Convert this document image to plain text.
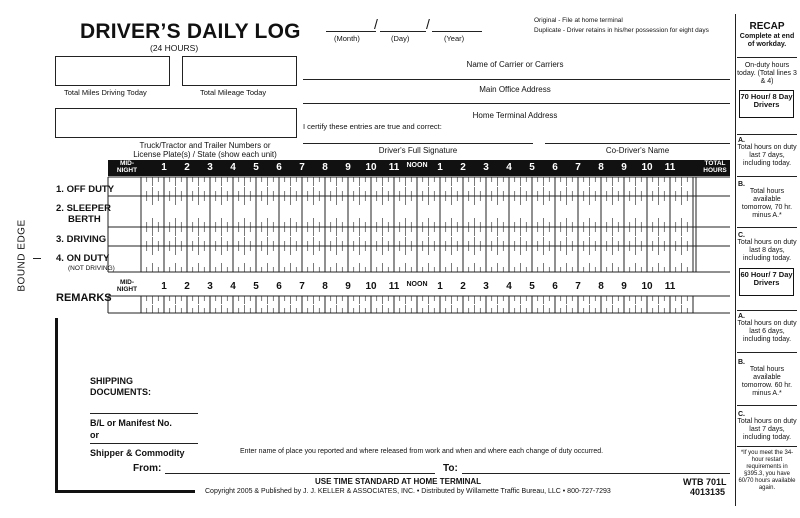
BOUND EDGE
DRIVER’S DAILY LOG
(24 HOURS)
/	/
(Month)	(Day)	(Year)
Original - File at home terminal
Duplicate - Driver retains in his/her possession for eight days
Total Miles Driving Today	Total Mileage Today
Name of Carrier or Carriers
Main Office Address
Home Terminal Address
I certify these entries are true and correct:
Truck/Tractor and Trailer Numbers or
License Plate(s) / State (show each unit)	Driver's Full Signature	Co-Driver's Name
MID-
NIGHT
TOTAL
HOURS
1	2	3	4	5	6	7	8	9	10	11	NOON 1	2	3	4	5	6	7	8	9	10	11
1. OFF DUTY
2. SLEEPER
BERTH
3. DRIVING
4. ON DUTY
(NOT DRIVING)
MID-
NIGHT	1	2	3	4	5	6	7	8	9	10	11	NOON 1	2	3	4	5	6	7	8	9	10	11
REMARKS
SHIPPING
DOCUMENTS:
B/L or Manifest No.
or
Shipper & Commodity	Enter name of place you reported and where released from work and when and where each change of duty occurred.
From:	To:
USE TIME STANDARD AT HOME TERMINAL
Copyright 2005 & Published by J. J. KELLER & ASSOCIATES, INC. • Distributed by Willamette Traffic Bureau, LLC • 800-727-7293
WTB 701L
4013135
RECAP
Complete at end of workday.
On-duty hours today. (Total lines 3 & 4)
70 Hour/ 8 Day Drivers
A.
Total hours on duty last 7 days, including today.
B.
Total hours available tomorrow, 70 hr. minus A.*
C.
Total hours on duty last 8 days, including today.
60 Hour/ 7 Day Drivers
A.
Total hours on duty last 6 days, including today.
B.
Total hours available tomorrow. 60 hr. minus A.*
C.
Total hours on duty last 7 days, including today.
*If you meet the 34-hour restart requirements in §395.3, you have 60/70 hours available again.
